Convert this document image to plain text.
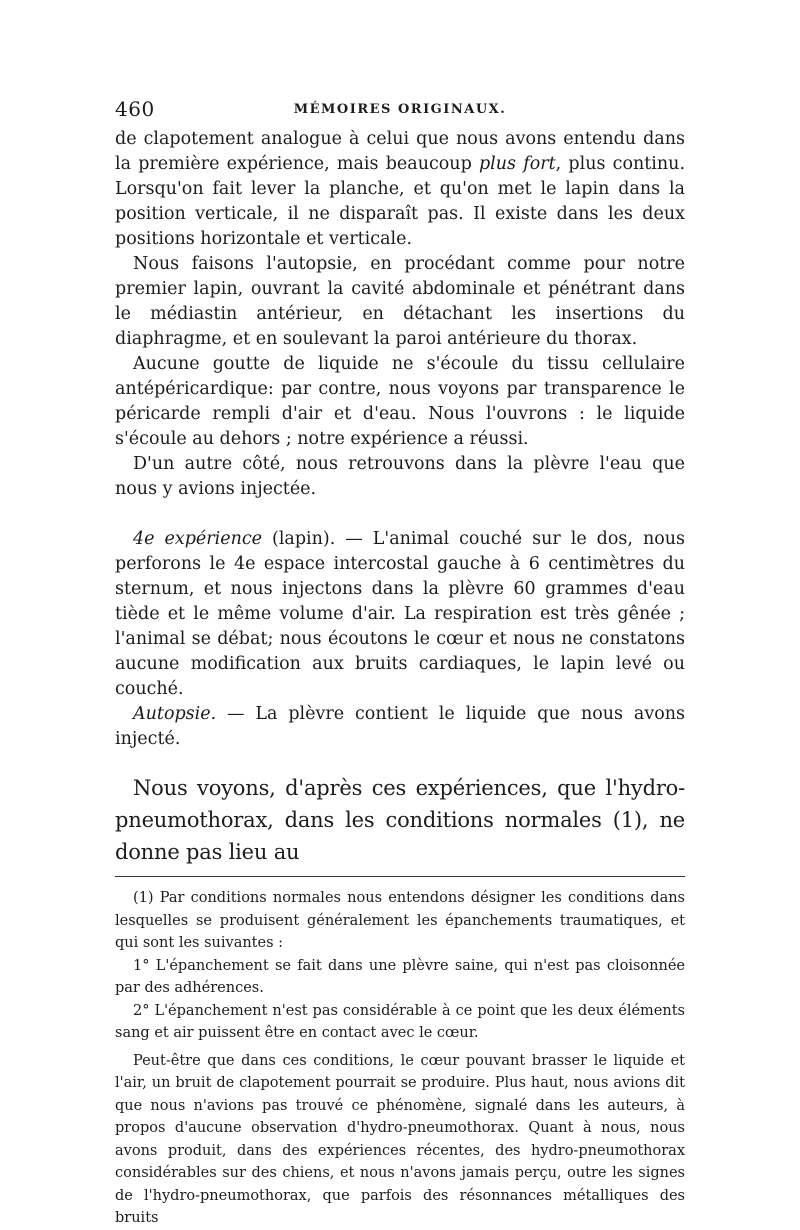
460	MÉMOIRES ORIGINAUX.

de clapotement analogue à celui que nous avons entendu dans la première expérience, mais beaucoup plus fort, plus continu. Lorsqu'on fait lever la planche, et qu'on met le lapin dans la position verticale, il ne disparaît pas. Il existe dans les deux positions horizontale et verticale.

Nous faisons l'autopsie, en procédant comme pour notre premier lapin, ouvrant la cavité abdominale et pénétrant dans le médiastin antérieur, en détachant les insertions du diaphragme, et en soulevant la paroi antérieure du thorax.

Aucune goutte de liquide ne s'écoule du tissu cellulaire antépéricardique: par contre, nous voyons par transparence le péricarde rempli d'air et d'eau. Nous l'ouvrons : le liquide s'écoule au dehors ; notre expérience a réussi.

D'un autre côté, nous retrouvons dans la plèvre l'eau que nous y avions injectée.

4e expérience (lapin). — L'animal couché sur le dos, nous perforons le 4e espace intercostal gauche à 6 centimètres du sternum, et nous injectons dans la plèvre 60 grammes d'eau tiède et le même volume d'air. La respiration est très gênée ; l'animal se débat; nous écoutons le cœur et nous ne constatons aucune modification aux bruits cardiaques, le lapin levé ou couché.

Autopsie. — La plèvre contient le liquide que nous avons injecté.

Nous voyons, d'après ces expériences, que l'hydro-pneumothorax, dans les conditions normales (1), ne donne pas lieu au

(1) Par conditions normales nous entendons désigner les conditions dans lesquelles se produisent généralement les épanchements traumatiques, et qui sont les suivantes :

1° L'épanchement se fait dans une plèvre saine, qui n'est pas cloisonnée par des adhérences.

2° L'épanchement n'est pas considérable à ce point que les deux éléments sang et air puissent être en contact avec le cœur.

Peut-être que dans ces conditions, le cœur pouvant brasser le liquide et l'air, un bruit de clapotement pourrait se produire. Plus haut, nous avions dit que nous n'avions pas trouvé ce phénomène, signalé dans les auteurs, à propos d'aucune observation d'hydro-pneumothorax. Quant à nous, nous avons produit, dans des expériences récentes, des hydro-pneumothorax considérables sur des chiens, et nous n'avons jamais perçu, outre les signes de l'hydro-pneumothorax, que parfois des résonnances métalliques des bruits
